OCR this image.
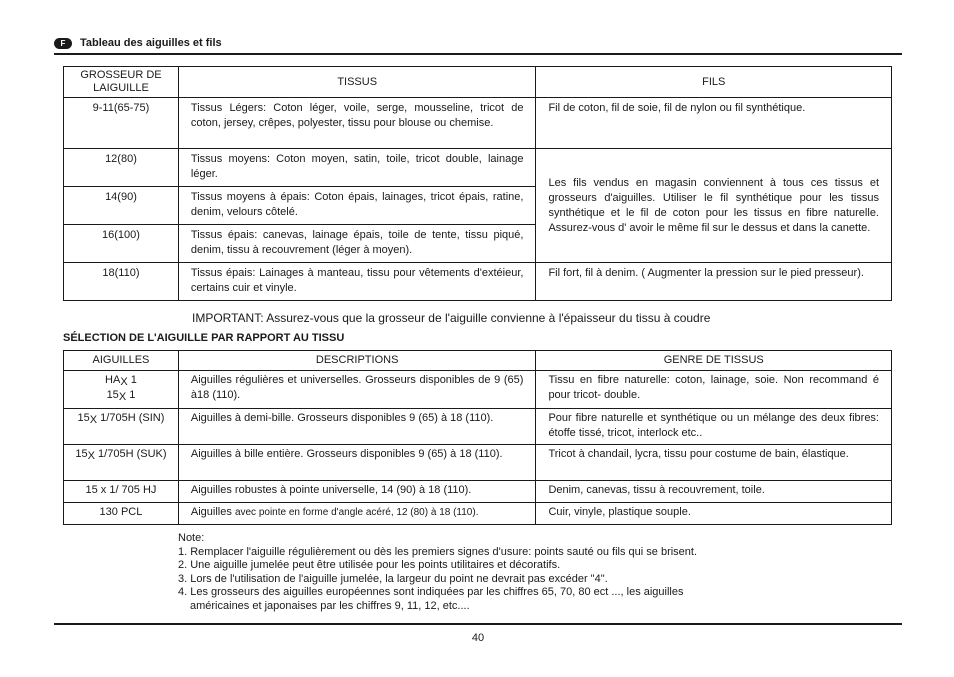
F	Tableau des aiguilles et fils
GROSSEUR DE LAIGUILLE	TISSUS	FILS
9-11(65-75)	Tissus Légers: Coton léger, voile, serge, mousseline, tricot de coton, jersey, crêpes, polyester, tissu pour blouse ou chemise.	Fil de coton, fil de soie, fil de nylon ou fil synthétique.
12(80)	Tissus moyens: Coton moyen, satin, toile, tricot double, lainage léger.	Les fils vendus en magasin conviennent à tous ces tissus et grosseurs d'aiguilles. Utiliser le fil synthétique pour les tissus synthétique et le fil de coton pour les tissus en fibre naturelle. Assurez-vous d' avoir le même fil sur le dessus et dans la canette.
14(90)	Tissus moyens à épais: Coton épais, lainages, tricot épais, ratine, denim, velours côtelé.	
16(100)	Tissus épais: canevas, lainage épais, toile de tente, tissu piqué, denim, tissu à recouvrement (léger à moyen).	
18(110)	Tissus épais: Lainages à manteau, tissu pour vêtements d'extéieur, certains cuir et vinyle.	Fil fort, fil à denim. ( Augmenter la pression sur le pied presseur).
IMPORTANT: Assurez-vous que la grosseur de l'aiguille convienne à l'épaisseur du tissu à coudre
SÉLECTION DE L'AIGUILLE PAR RAPPORT AU TISSU
AIGUILLES	DESCRIPTIONS	GENRE DE TISSUS
HAX 1
15X 1	Aiguilles régulières et universelles. Grosseurs disponibles de 9 (65) à18 (110).	Tissu en fibre naturelle: coton, lainage, soie. Non recommand é pour tricot- double.
15X 1/705H (SIN)	Aiguilles à demi-bille. Grosseurs disponibles 9 (65) à 18 (110).	Pour fibre naturelle et synthétique ou un mélange des deux fibres: étoffe tissé, tricot, interlock etc..
15X 1/705H (SUK)	Aiguilles à bille entière. Grosseurs disponibles 9 (65) à 18 (110).	Tricot à chandail, lycra, tissu pour costume de bain, élastique.
15 x 1/ 705 HJ	Aiguilles robustes à pointe universelle, 14 (90) à 18 (110).	Denim, canevas, tissu à recouvrement, toile.
130 PCL	Aiguilles avec pointe en forme d'angle acéré, 12 (80) à 18 (110).	Cuir, vinyle, plastique souple.

Note:

1. Remplacer l'aiguille régulièrement ou dès les premiers signes d'usure: points sauté ou fils qui se brisent.

2. Une aiguille jumelée peut être utilisée pour les points utilitaires et décoratifs.

3. Lors de l'utilisation de l'aiguille jumelée, la largeur du point ne devrait pas excéder "4".

4. Les grosseurs des aiguilles européennes sont indiquées par les chiffres 65, 70, 80 ect ..., les aiguilles

américaines et japonaises par les chiffres 9, 11, 12, etc....

40
